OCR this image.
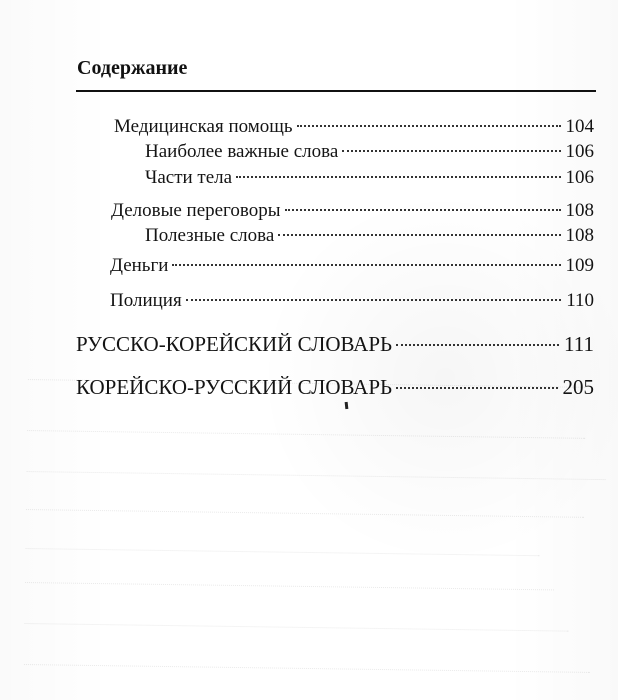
Содержание
Медицинская помощь	104
Наиболее важные слова	106
Части тела	106
Деловые переговоры	108
Полезные слова	108
Деньги	109
Полиция	110
РУССКО-КОРЕЙСКИЙ СЛОВАРЬ	111
КОРЕЙСКО-РУССКИЙ СЛОВАРЬ	205
